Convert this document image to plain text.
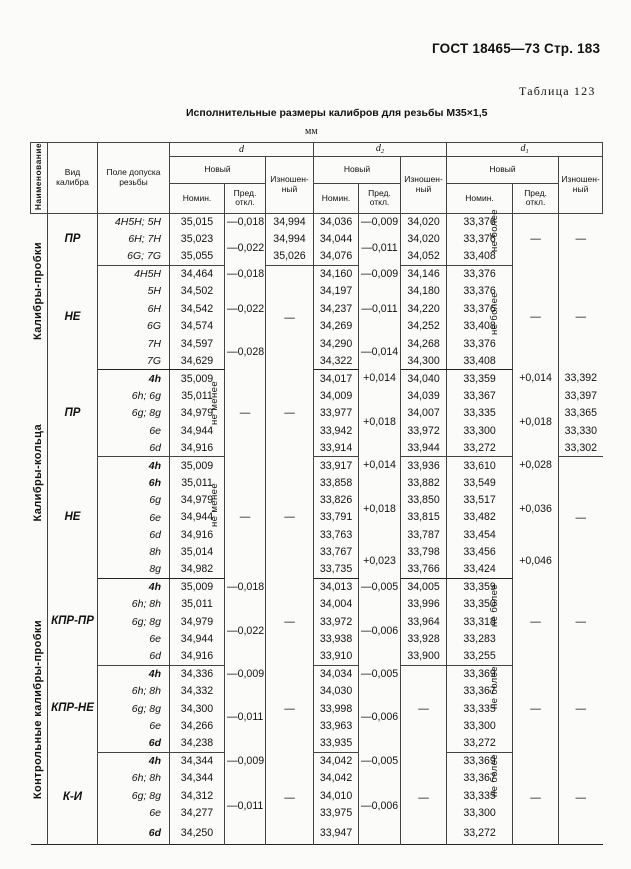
ГОСТ 18465—73 Стр. 183
Таблица 123
Исполнительные размеры калибров для резьбы M35×1,5
мм
Наименование	Вид калибра	Поле допуска резьбы	d			$d_2$			$d_1$
			Новый		Изношен-ный	Новый		Изношен-ный	Новый		Изношен-ный
			Номин.	Пред. откл.		Номин.	Пред. откл.		Номин.	Пред. откл.	
Калибры-пробки	ПР	4H5H; 5H	35,015	—0,018	34,994	34,036	—0,009	34,020	33,376	—	—
		6H; 7H	35,023	—0,022	34,994	34,044	—0,011	34,020	33,376		
		6G; 7G	35,055		35,026	34,076		34,052	33,408		
	НЕ	4H5H	34,464	—0,018	—	34,160	—0,009	34,146	33,376	—	—
		5H	34,502	—0,022		34,197	—0,011	34,180	33,376		
		6H	34,542			34,237		34,220	33,376		
		6G	34,574			34,269		34,252	33,408		
		7H	34,597	—0,028		34,290	—0,014	34,268	33,376		
		7G	34,629			34,322		34,300	33,408		
Калибры-кольца	ПР	4h	35,009	—	—	34,017	+0,014	34,040	33,359	+0,014	33,392
		6h; 6g	35,011			34,009	+0,018	34,039	33,367	+0,018	33,397
		6g; 8g	34,979			33,977		34,007	33,335		33,365
		6e	34,944			33,942		33,972	33,300		33,330
		6d	34,916			33,914		33,944	33,272		33,302
	НЕ	4h	35,009	—	—	33,917	+0,014	33,936	33,610	+0,028	—
		6h	35,011			33,858	+0,018	33,882	33,549	+0,036	
		6g	34,979			33,826		33,850	33,517		
		6e	34,944			33,791		33,815	33,482		
		6d	34,916			33,763		33,787	33,454		
		8h	35,014			33,767	+0,023	33,798	33,456	+0,046	
		8g	34,982			33,735		33,766	33,424		
Контрольные калибры-пробки	КПР-ПР	4h	35,009	—0,018	—	34,013	—0,005	34,005	33,359	—	—
		6h; 8h	35,011	—0,022		34,004	—0,006	33,996	33,350		
		6g; 8g	34,979			33,972		33,964	33,318		
		6e	34,944			33,938		33,928	33,283		
		6d	34,916			33,910		33,900	33,255		
	КПР-НЕ	4h	34,336	—0,009	—	34,034	—0,005	—	33,369	—	—
		6h; 8h	34,332	—0,011		34,030	—0,006		33,367		
		6g; 8g	34,300			33,998			33,335		
		6e	34,266			33,963			33,300		
		6d	34,238			33,935			33,272		
	К-И	4h	34,344	—0,009	—	34,042	—0,005	—	33,369	—	—
		6h; 8h	34,344	—0,011		34,042	—0,006		33,367		
		6g; 8g	34,312			34,010			33,335		
		6e	34,277			33,975			33,300		
		6d	34,250			33,947			33,272		
не более
не более
не менее
не менее
не более
не более
не более
